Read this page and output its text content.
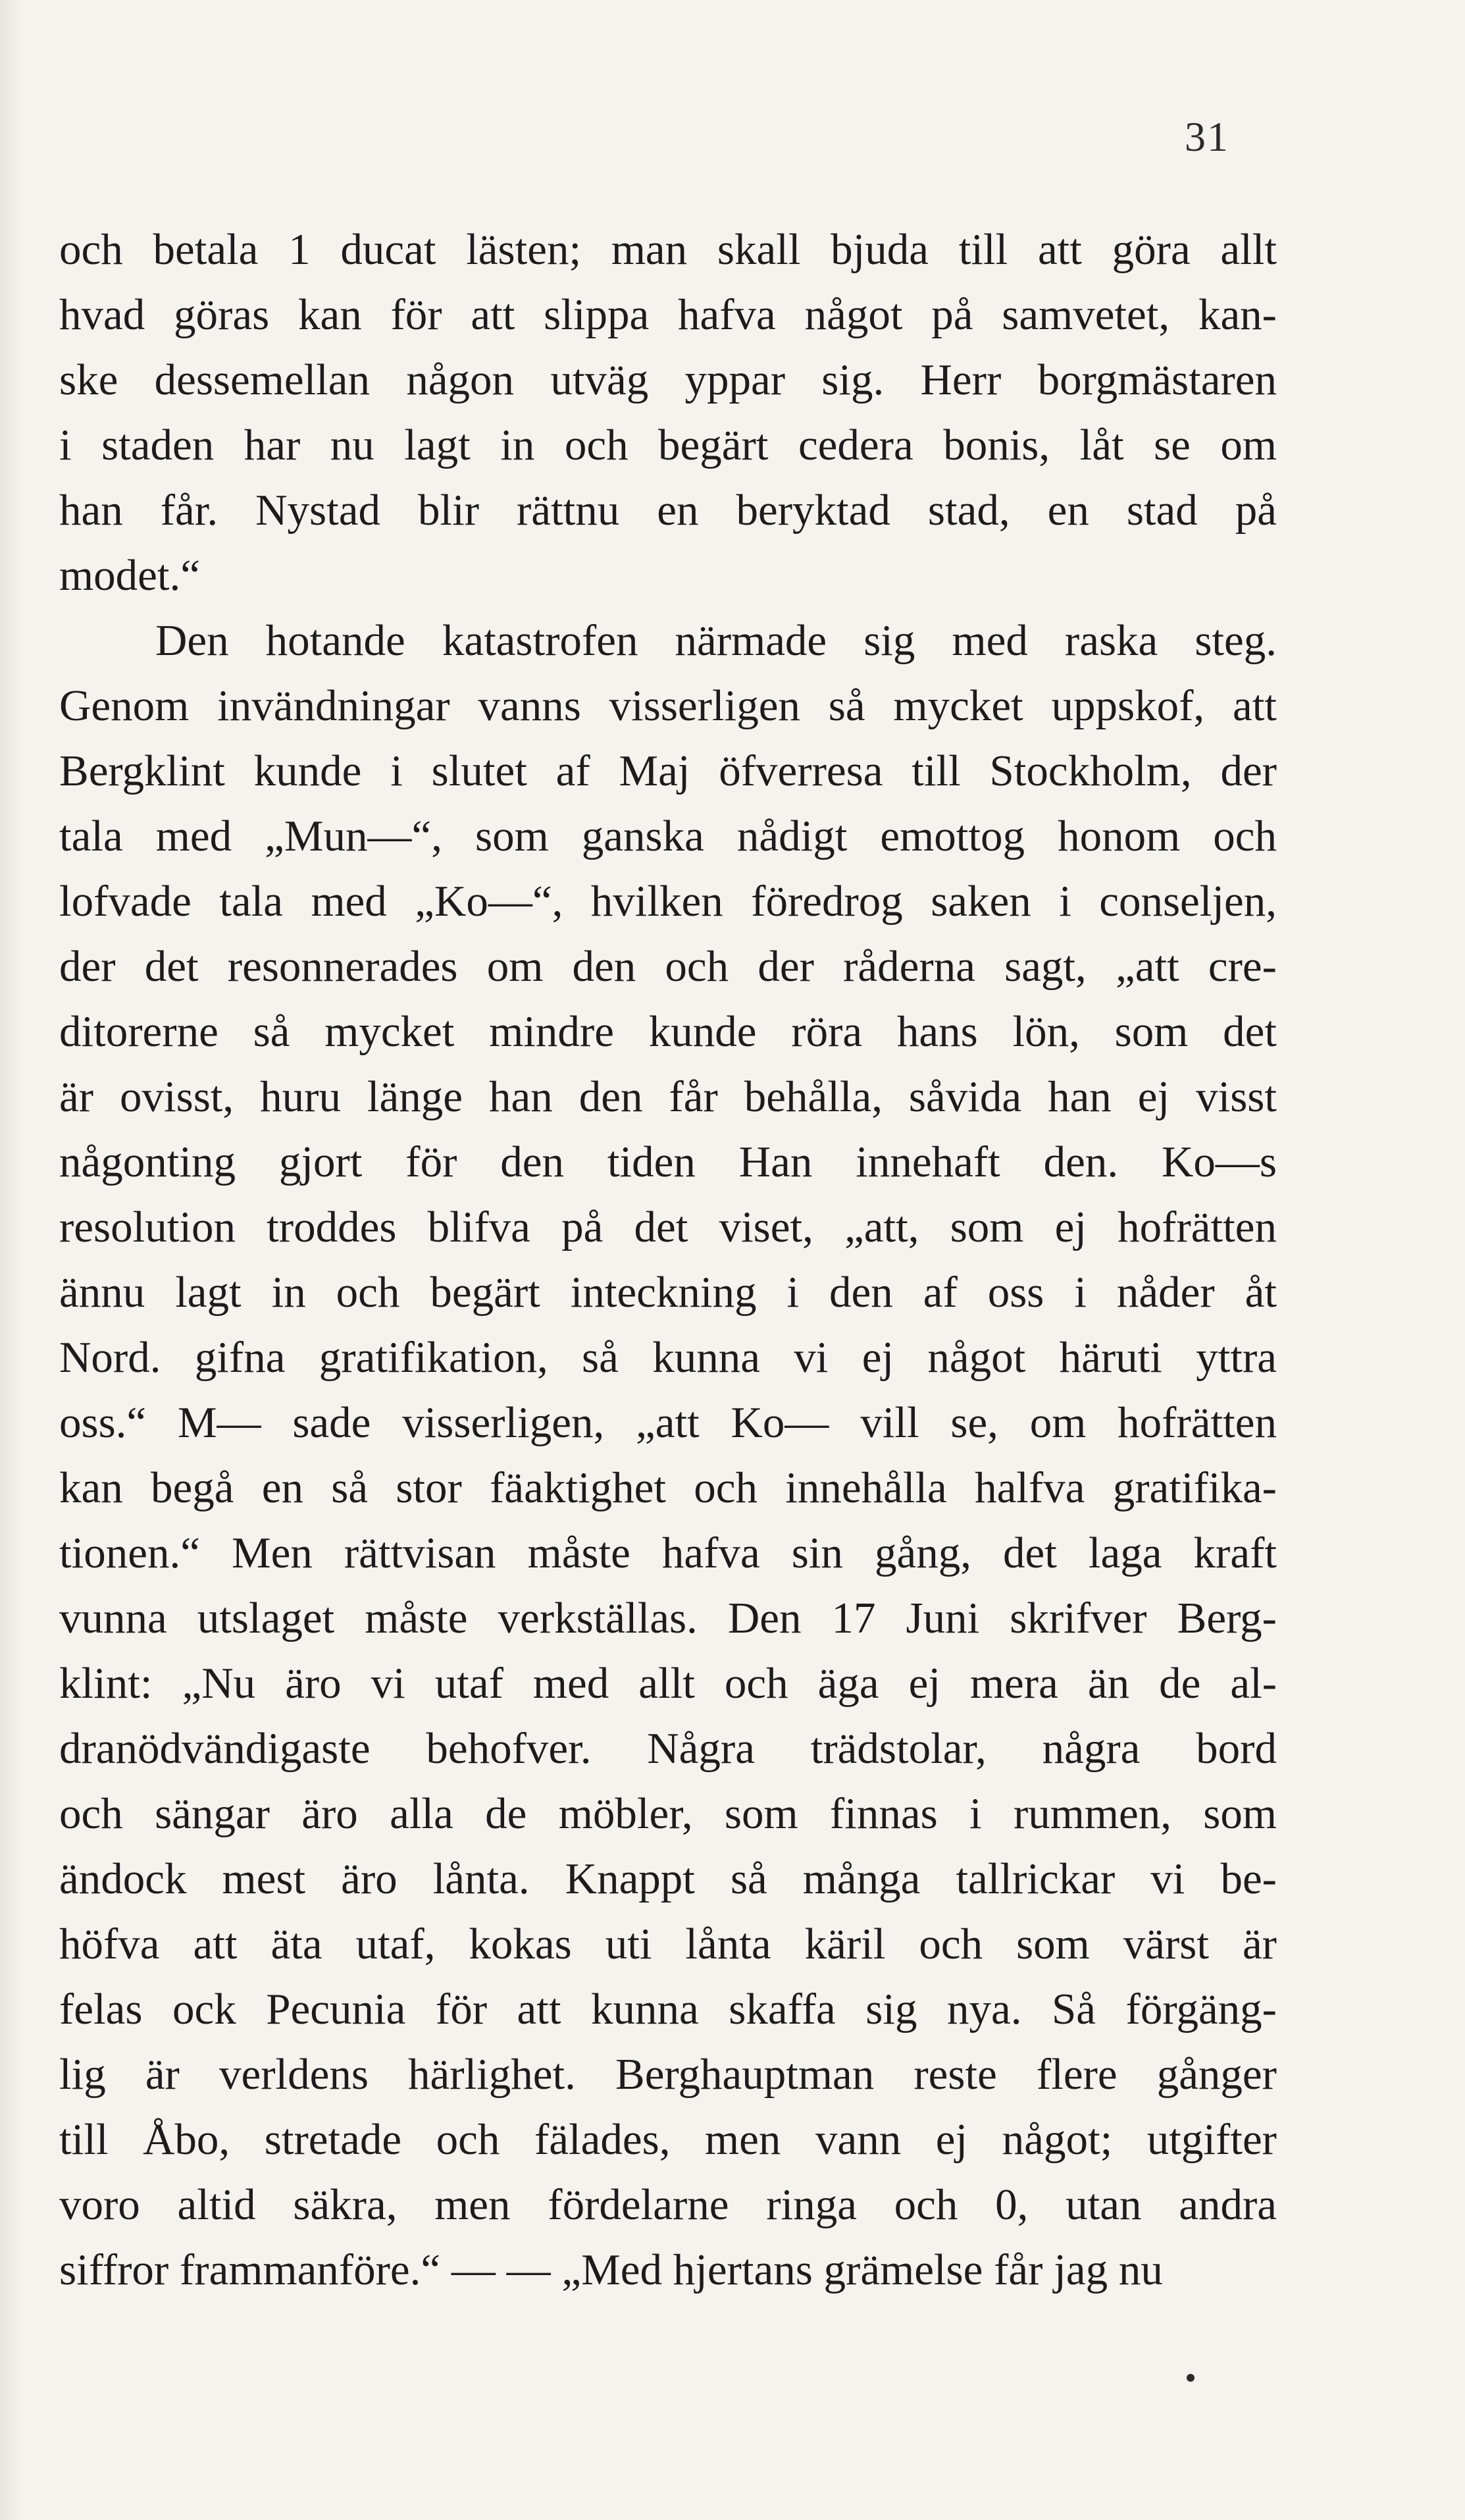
31
och betala 1 ducat lästen; man skall bjuda till att göra allt
hvad göras kan för att slippa hafva något på samvetet, kan-
ske dessemellan någon utväg yppar sig. Herr borgmästaren
i staden har nu lagt in och begärt cedera bonis, låt se om
han får. Nystad blir rättnu en beryktad stad, en stad på
modet.“
Den hotande katastrofen närmade sig med raska steg.
Genom invändningar vanns visserligen så mycket uppskof, att
Bergklint kunde i slutet af Maj öfverresa till Stockholm, der
tala med „Mun—“, som ganska nådigt emottog honom och
lofvade tala med „Ko—“, hvilken föredrog saken i conseljen,
der det resonnerades om den och der råderna sagt, „att cre-
ditorerne så mycket mindre kunde röra hans lön, som det
är ovisst, huru länge han den får behålla, såvida han ej visst
någonting gjort för den tiden Han innehaft den. Ko—s
resolution troddes blifva på det viset, „att, som ej hofrätten
ännu lagt in och begärt inteckning i den af oss i nåder åt
Nord. gifna gratifikation, så kunna vi ej något häruti yttra
oss.“ M— sade visserligen, „att Ko— vill se, om hofrätten
kan begå en så stor fäaktighet och innehålla halfva gratifika-
tionen.“ Men rättvisan måste hafva sin gång, det laga kraft
vunna utslaget måste verkställas. Den 17 Juni skrifver Berg-
klint: „Nu äro vi utaf med allt och äga ej mera än de al-
dranödvändigaste behofver. Några trädstolar, några bord
och sängar äro alla de möbler, som finnas i rummen, som
ändock mest äro lånta. Knappt så många tallrickar vi be-
höfva att äta utaf, kokas uti lånta käril och som värst är
felas ock Pecunia för att kunna skaffa sig nya. Så förgäng-
lig är verldens härlighet. Berghauptman reste flere gånger
till Åbo, stretade och fälades, men vann ej något; utgifter
voro altid säkra, men fördelarne ringa och 0, utan andra
siffror frammanföre.“ — — „Med hjertans grämelse får jag nu
